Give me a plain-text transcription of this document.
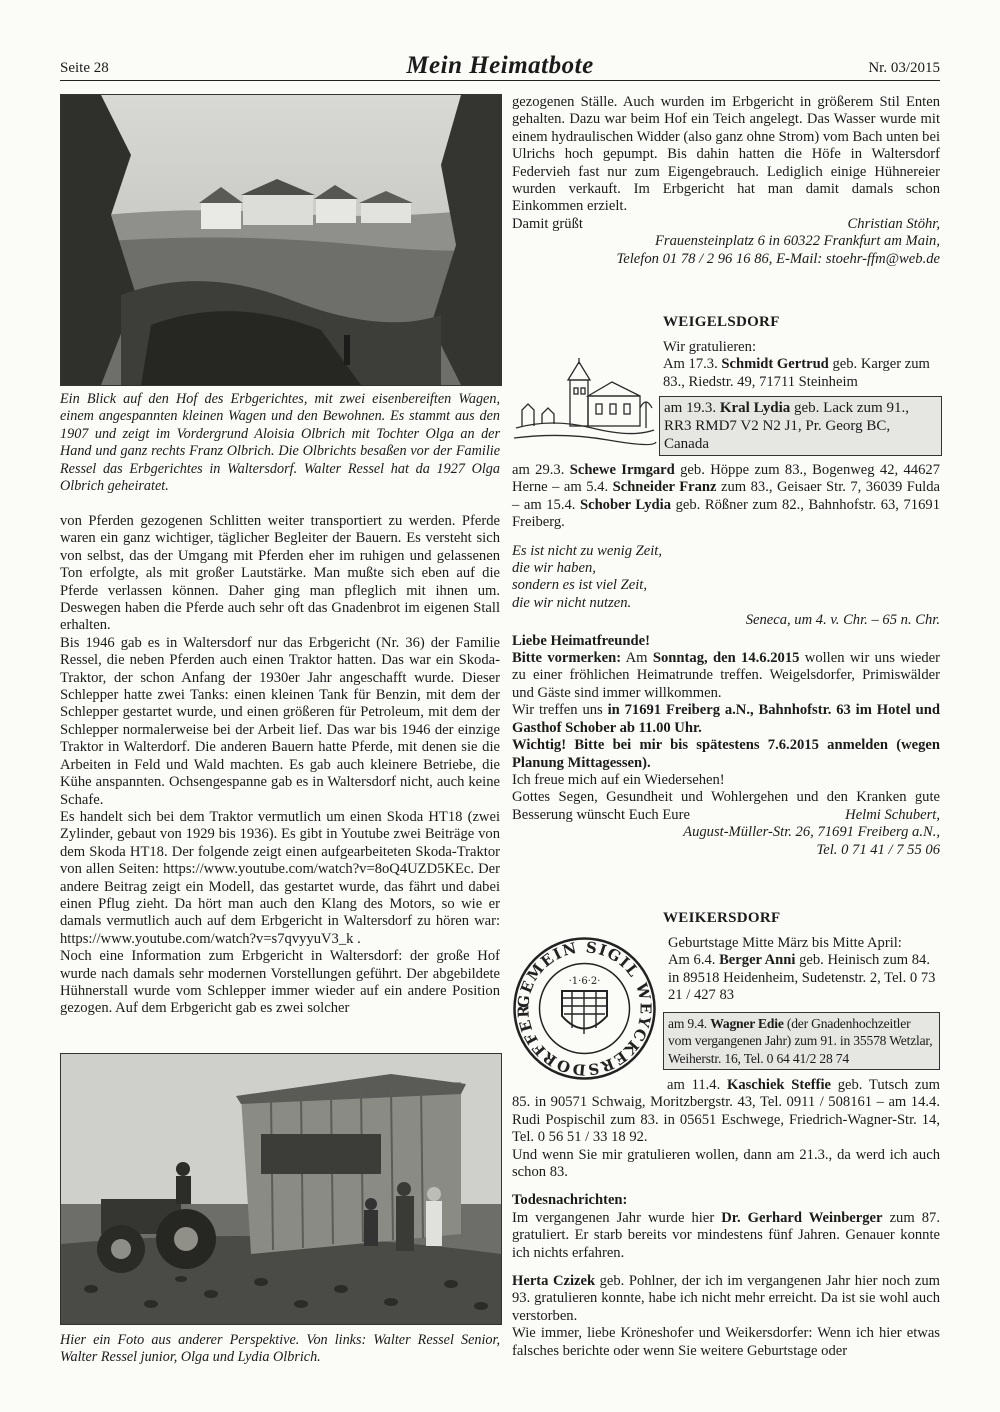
Seite 28	Mein Heimatbote	Nr. 03/2015
Ein Blick auf den Hof des Erbgerichtes, mit zwei eisenbereiften Wagen, einem angespannten kleinen Wagen und den Bewohnen. Es stammt aus den 1907 und zeigt im Vordergrund Aloisia Olbrich mit Tochter Olga an der Hand und ganz rechts Franz Olbrich. Die Olbrichts besaßen vor der Familie Ressel das Erbgerichtes in Waltersdorf. Walter Ressel hat da 1927 Olga Olbrich geheiratet.

von Pferden gezogenen Schlitten weiter transportiert zu werden. Pferde waren ein ganz wichtiger, täglicher Begleiter der Bauern. Es versteht sich von selbst, das der Umgang mit Pferden eher im ruhigen und gelassenen Ton erfolgte, als mit großer Lautstärke. Man mußte sich eben auf die Pferde verlassen können. Daher ging man pfleglich mit ihnen um. Deswegen haben die Pferde auch sehr oft das Gnadenbrot im eigenen Stall erhalten.

Bis 1946 gab es in Waltersdorf nur das Erbgericht (Nr. 36) der Familie Ressel, die neben Pferden auch einen Traktor hatten. Das war ein Skoda-Traktor, der schon Anfang der 1930er Jahr angeschafft wurde. Dieser Schlepper hatte zwei Tanks: einen kleinen Tank für Benzin, mit dem der Schlepper gestartet wurde, und einen größeren für Petroleum, mit dem der Schlepper normalerweise bei der Arbeit lief. Das war bis 1946 der einzige Traktor in Walterdorf. Die anderen Bauern hatte Pferde, mit denen sie die Arbeiten in Feld und Wald machten. Es gab auch kleinere Betriebe, die Kühe anspannten. Ochsengespanne gab es in Waltersdorf nicht, auch keine Schafe.

Es handelt sich bei dem Traktor vermutlich um einen Skoda HT18 (zwei Zylinder, gebaut von 1929 bis 1936). Es gibt in Youtube zwei Beiträge von dem Skoda HT18. Der folgende zeigt einen aufgearbeiteten Skoda-Traktor von allen Seiten: https://www.youtube.com/watch?v=8oQ4UZD5KEc. Der andere Beitrag zeigt ein Modell, das gestartet wurde, das fährt und dabei einen Pflug zieht. Da hört man auch den Klang des Motors, so wie er damals vermutlich auch auf dem Erbgericht in Waltersdorf zu hören war: https://www.youtube.com/watch?v=s7qvyyuV3_k .

Noch eine Information zum Erbgericht in Waltersdorf: der große Hof wurde nach damals sehr modernen Vorstellungen geführt. Der abgebildete Hühnerstall wurde vom Schlepper immer wieder auf ein andere Position gezogen. Auf dem Erbgericht gab es zwei solcher

Hier ein Foto aus anderer Perspektive. Von links: Walter Ressel Senior, Walter Ressel junior, Olga und Lydia Olbrich.

gezogenen Ställe. Auch wurden im Erbgericht in größerem Stil Enten gehalten. Dazu war beim Hof ein Teich angelegt. Das Wasser wurde mit einem hydraulischen Widder (also ganz ohne Strom) vom Bach unten bei Ulrichs hoch gepumpt. Bis dahin hatten die Höfe in Waltersdorf Federvieh fast nur zum Eigengebrauch. Lediglich einige Hühnereier wurden verkauft. Im Erbgericht hat man damit damals schon Einkommen erzielt.

Damit grüßt	Christian Stöhr,

Frauensteinplatz 6 in 60322 Frankfurt am Main,

Telefon 01 78 / 2 96 16 86, E-Mail: stoehr-ffm@web.de

WEIGELSDORF

Wir gratulieren:

Am 17.3. Schmidt Gertrud geb. Karger zum 83., Riedstr. 49, 71711 Steinheim

am 19.3. Kral Lydia geb. Lack zum 91., RR3 RMD7 V2 N2 J1, Pr. Georg BC, Canada

am 29.3. Schewe Irmgard geb. Höppe zum 83., Bogenweg 42, 44627 Herne – am 5.4. Schneider Franz zum 83., Geisaer Str. 7, 36039 Fulda – am 15.4. Schober Lydia geb. Rößner zum 82., Bahnhofstr. 63, 71691 Freiberg.

Es ist nicht zu wenig Zeit,
die wir haben,
sondern es ist viel Zeit,
die wir nicht nutzen.

Seneca, um 4. v. Chr. – 65 n. Chr.

Liebe Heimatfreunde!

Bitte vormerken: Am Sonntag, den 14.6.2015 wollen wir uns wieder zu einer fröhlichen Heimatrunde treffen. Weigelsdorfer, Primiswälder und Gäste sind immer willkommen.

Wir treffen uns in 71691 Freiberg a.N., Bahnhofstr. 63 im Hotel und Gasthof Schober ab 11.00 Uhr.

Wichtig! Bitte bei mir bis spätestens 7.6.2015 anmelden (wegen Planung Mittagessen).

Ich freue mich auf ein Wiedersehen!

Gottes Segen, Gesundheit und Wohlergehen und den Kranken gute Besserung wünscht Euch Eure	Helmi Schubert,

August-Müller-Str. 26, 71691 Freiberg a.N.,

Tel. 0 71 41 / 7 55 06

WEIKERSDORF
GEMEIN SIGIL WEYCKERSDORFFER
·1·6·2·

Geburtstage Mitte März bis Mitte April:

Am 6.4. Berger Anni geb. Heinisch zum 84. in 89518 Heidenheim, Sudetenstr. 2, Tel. 0 73 21 / 427 83

am 9.4. Wagner Edie (der Gnadenhochzeitler vom vergangenen Jahr) zum 91. in 35578 Wetzlar, Weiherstr. 16, Tel. 0 64 41/2 28 74

am 11.4. Kaschiek Steffie geb. Tutsch zum 85. in 90571 Schwaig, Moritzbergstr. 43, Tel. 0911 / 508161 – am 14.4. Rudi Pospischil zum 83. in 05651 Eschwege, Friedrich-Wagner-Str. 14, Tel. 0 56 51 / 33 18 92.

Und wenn Sie mir gratulieren wollen, dann am 21.3., da werd ich auch schon 83.

Todesnachrichten:

Im vergangenen Jahr wurde hier Dr. Gerhard Weinberger zum 87. gratuliert. Er starb bereits vor mindestens fünf Jahren. Genauer konnte ich nichts erfahren.

Herta Czizek geb. Pohlner, der ich im vergangenen Jahr hier noch zum 93. gratulieren konnte, habe ich nicht mehr erreicht. Da ist sie wohl auch verstorben.

Wie immer, liebe Kröneshofer und Weikersdorfer: Wenn ich hier etwas falsches berichte oder wenn Sie weitere Geburtstage oder
